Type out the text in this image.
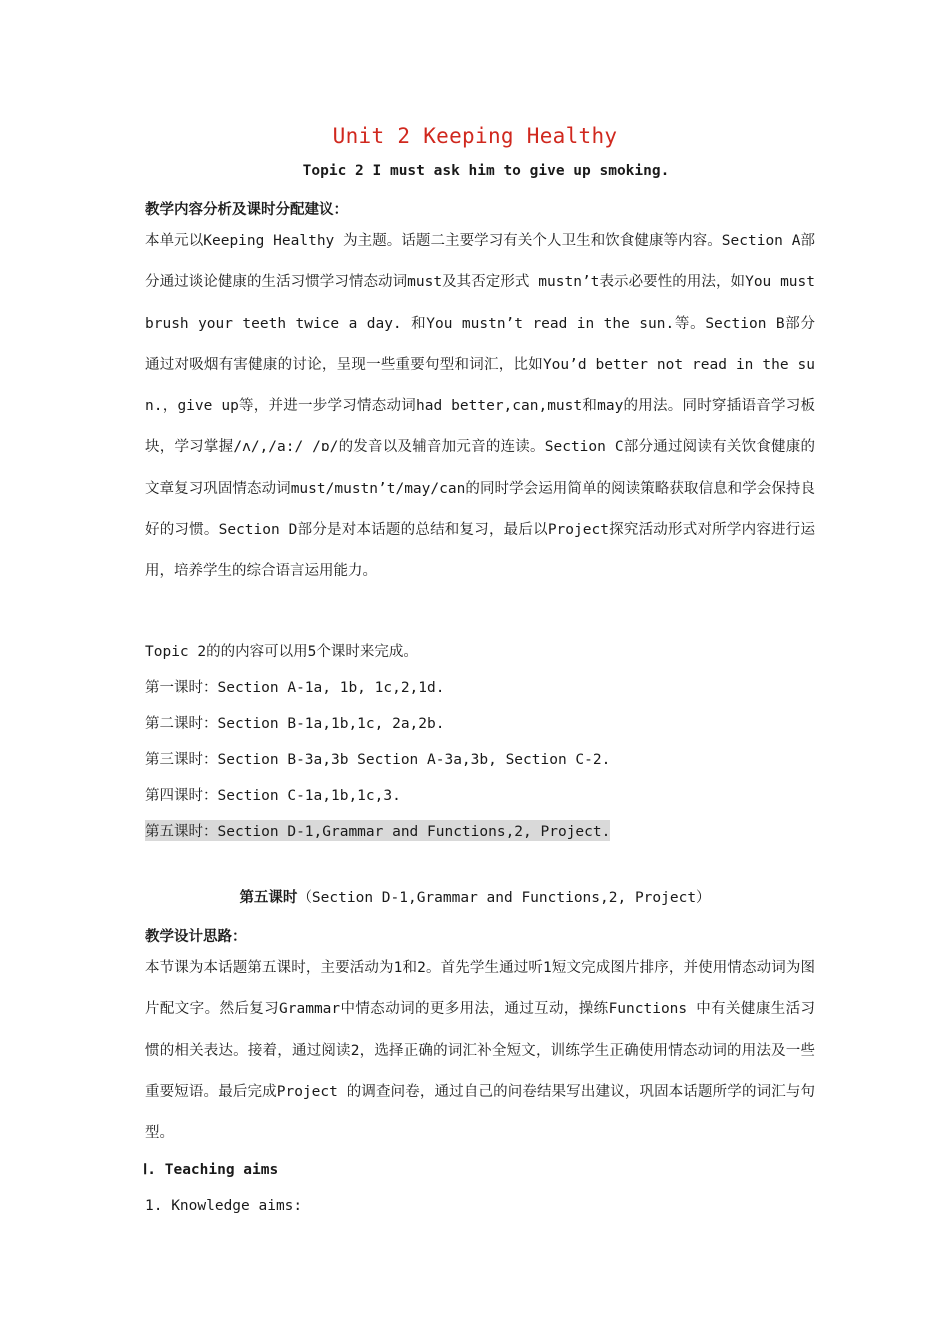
Unit 2 Keeping Healthy
Topic 2 I must ask him to give up smoking.
教学内容分析及课时分配建议：
本单元以Keeping Healthy 为主题。话题二主要学习有关个人卫生和饮食健康等内容。Section A部分通过谈论健康的生活习惯学习情态动词must及其否定形式 mustn’t表示必要性的用法，如You must brush your teeth twice a day. 和You mustn’t read in the sun.等。Section B部分通过对吸烟有害健康的讨论，呈现一些重要句型和词汇，比如You’d better not read in the sun.，give up等，并进一步学习情态动词had better,can,must和may的用法。同时穿插语音学习板块，学习掌握/ʌ/,/a:/ /ɒ/的发音以及辅音加元音的连读。Section C部分通过阅读有关饮食健康的文章复习巩固情态动词must/mustn’t/may/can的同时学会运用简单的阅读策略获取信息和学会保持良好的习惯。Section D部分是对本话题的总结和复习，最后以Project探究活动形式对所学内容进行运用，培养学生的综合语言运用能力。
Topic 2的的内容可以用5个课时来完成。
第一课时：Section A-1a, 1b, 1c,2,1d.
第二课时：Section B-1a,1b,1c, 2a,2b.
第三课时：Section B-3a,3b Section A-3a,3b, Section C-2.
第四课时：Section C-1a,1b,1c,3.
第五课时：Section D-1,Grammar and Functions,2, Project.
第五课时（Section D-1,Grammar and Functions,2, Project）
教学设计思路：
本节课为本话题第五课时，主要活动为1和2。首先学生通过听1短文完成图片排序，并使用情态动词为图片配文字。然后复习Grammar中情态动词的更多用法，通过互动，操练Functions 中有关健康生活习惯的相关表达。接着，通过阅读2，选择正确的词汇补全短文，训练学生正确使用情态动词的用法及一些重要短语。最后完成Project 的调查问卷，通过自己的问卷结果写出建议，巩固本话题所学的词汇与句型。
Ⅰ. Teaching aims
1. Knowledge aims:
